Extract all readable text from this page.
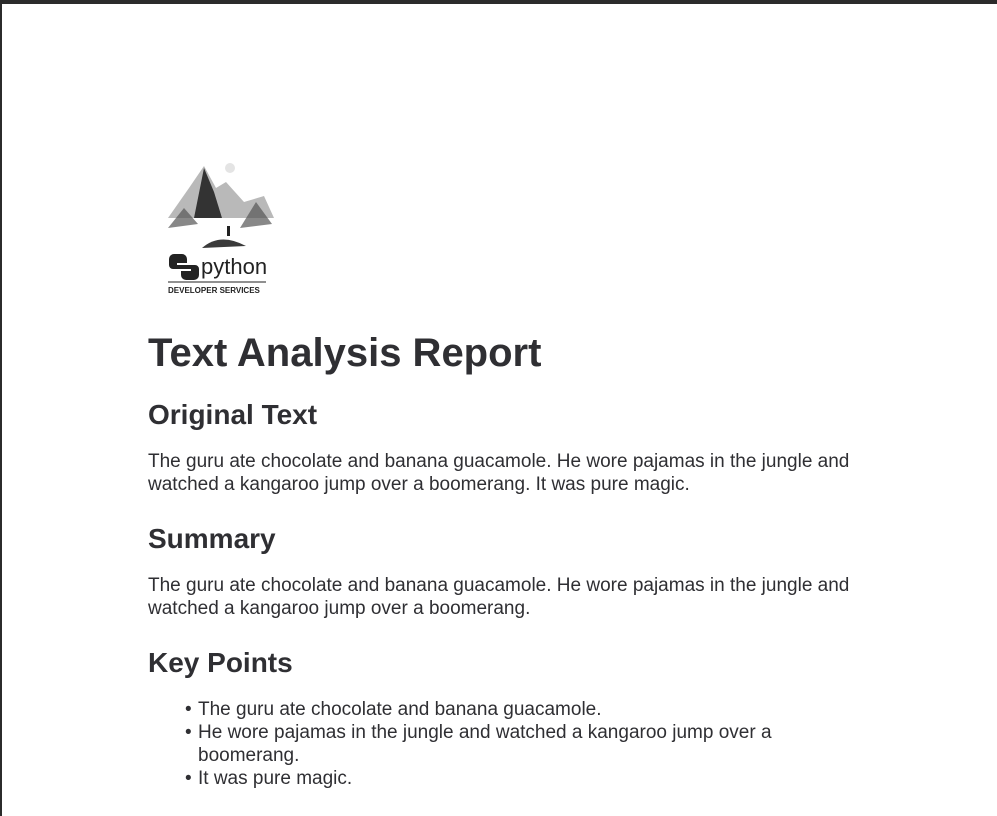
python
DEVELOPER SERVICES
Text Analysis Report
Original Text

The guru ate chocolate and banana guacamole. He wore pajamas in the jungle and watched a kangaroo jump over a boomerang. It was pure magic.

Summary

The guru ate chocolate and banana guacamole. He wore pajamas in the jungle and watched a kangaroo jump over a boomerang.

Key Points
• The guru ate chocolate and banana guacamole.
• He wore pajamas in the jungle and watched a kangaroo jump over a boomerang.
• It was pure magic.
